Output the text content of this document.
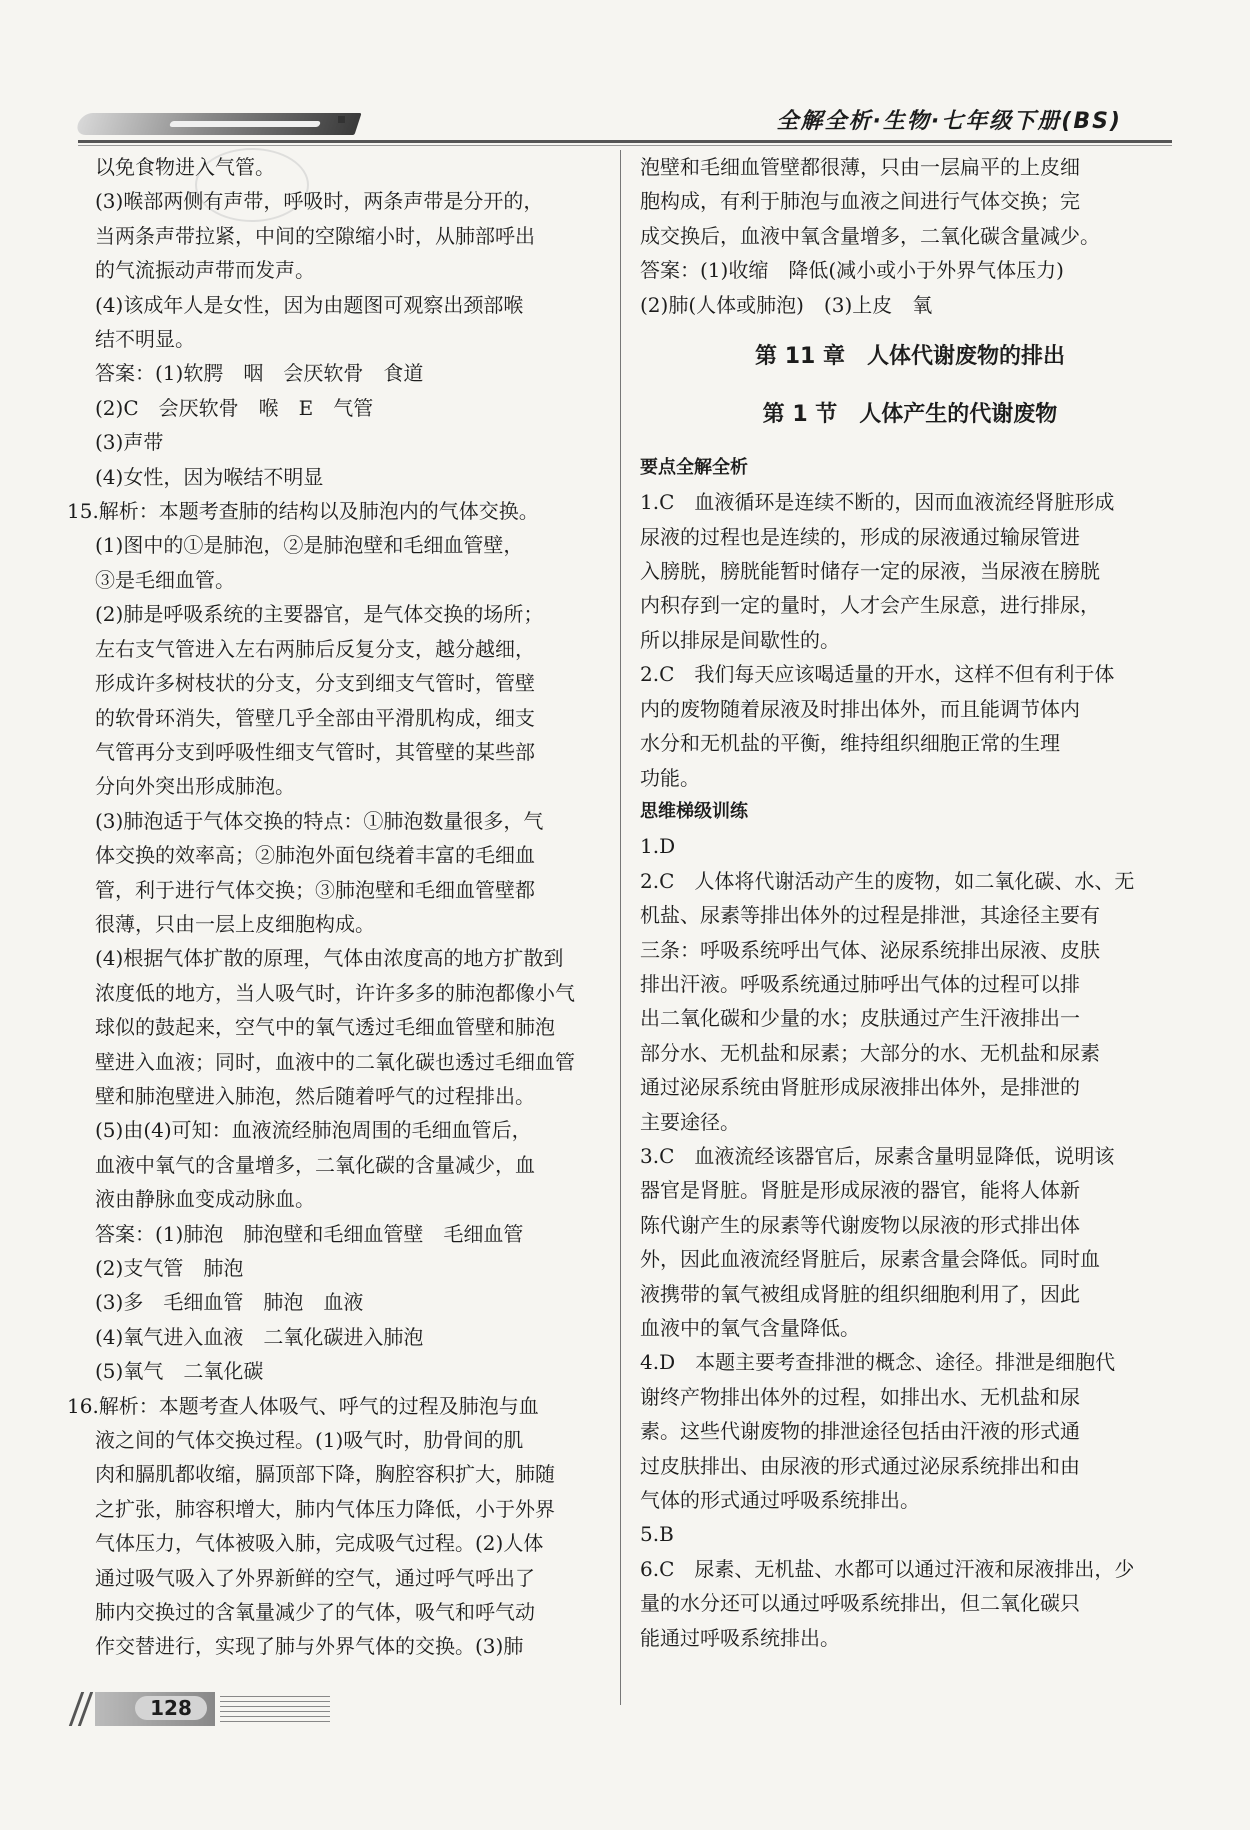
全解全析·生物·七年级下册(BS)
以免食物进入气管。
(3)喉部两侧有声带，呼吸时，两条声带是分开的，
当两条声带拉紧，中间的空隙缩小时，从肺部呼出
的气流振动声带而发声。
(4)该成年人是女性，因为由题图可观察出颈部喉
结不明显。
答案：(1)软腭　咽　会厌软骨　食道
(2)C　会厌软骨　喉　E　气管
(3)声带
(4)女性，因为喉结不明显
15.解析：本题考查肺的结构以及肺泡内的气体交换。
(1)图中的①是肺泡，②是肺泡壁和毛细血管壁，
③是毛细血管。
(2)肺是呼吸系统的主要器官，是气体交换的场所；
左右支气管进入左右两肺后反复分支，越分越细，
形成许多树枝状的分支，分支到细支气管时，管壁
的软骨环消失，管壁几乎全部由平滑肌构成，细支
气管再分支到呼吸性细支气管时，其管壁的某些部
分向外突出形成肺泡。
(3)肺泡适于气体交换的特点：①肺泡数量很多，气
体交换的效率高；②肺泡外面包绕着丰富的毛细血
管，利于进行气体交换；③肺泡壁和毛细血管壁都
很薄，只由一层上皮细胞构成。
(4)根据气体扩散的原理，气体由浓度高的地方扩散到
浓度低的地方，当人吸气时，许许多多的肺泡都像小气
球似的鼓起来，空气中的氧气透过毛细血管壁和肺泡
壁进入血液；同时，血液中的二氧化碳也透过毛细血管
壁和肺泡壁进入肺泡，然后随着呼气的过程排出。
(5)由(4)可知：血液流经肺泡周围的毛细血管后，
血液中氧气的含量增多，二氧化碳的含量减少，血
液由静脉血变成动脉血。
答案：(1)肺泡　肺泡壁和毛细血管壁　毛细血管
(2)支气管　肺泡
(3)多　毛细血管　肺泡　血液
(4)氧气进入血液　二氧化碳进入肺泡
(5)氧气　二氧化碳
16.解析：本题考查人体吸气、呼气的过程及肺泡与血
液之间的气体交换过程。(1)吸气时，肋骨间的肌
肉和膈肌都收缩，膈顶部下降，胸腔容积扩大，肺随
之扩张，肺容积增大，肺内气体压力降低，小于外界
气体压力，气体被吸入肺，完成吸气过程。(2)人体
通过吸气吸入了外界新鲜的空气，通过呼气呼出了
肺内交换过的含氧量减少了的气体，吸气和呼气动
作交替进行，实现了肺与外界气体的交换。(3)肺
泡壁和毛细血管壁都很薄，只由一层扁平的上皮细
胞构成，有利于肺泡与血液之间进行气体交换；完
成交换后，血液中氧含量增多，二氧化碳含量减少。
答案：(1)收缩　降低(减小或小于外界气体压力)
(2)肺(人体或肺泡)　(3)上皮　氧
第 11 章　人体代谢废物的排出
第 1 节　人体产生的代谢废物
要点全解全析
1.C　血液循环是连续不断的，因而血液流经肾脏形成
尿液的过程也是连续的，形成的尿液通过输尿管进
入膀胱，膀胱能暂时储存一定的尿液，当尿液在膀胱
内积存到一定的量时，人才会产生尿意，进行排尿，
所以排尿是间歇性的。
2.C　我们每天应该喝适量的开水，这样不但有利于体
内的废物随着尿液及时排出体外，而且能调节体内
水分和无机盐的平衡，维持组织细胞正常的生理
功能。
思维梯级训练
1.D
2.C　人体将代谢活动产生的废物，如二氧化碳、水、无
机盐、尿素等排出体外的过程是排泄，其途径主要有
三条：呼吸系统呼出气体、泌尿系统排出尿液、皮肤
排出汗液。呼吸系统通过肺呼出气体的过程可以排
出二氧化碳和少量的水；皮肤通过产生汗液排出一
部分水、无机盐和尿素；大部分的水、无机盐和尿素
通过泌尿系统由肾脏形成尿液排出体外，是排泄的
主要途径。
3.C　血液流经该器官后，尿素含量明显降低，说明该
器官是肾脏。肾脏是形成尿液的器官，能将人体新
陈代谢产生的尿素等代谢废物以尿液的形式排出体
外，因此血液流经肾脏后，尿素含量会降低。同时血
液携带的氧气被组成肾脏的组织细胞利用了，因此
血液中的氧气含量降低。
4.D　本题主要考查排泄的概念、途径。排泄是细胞代
谢终产物排出体外的过程，如排出水、无机盐和尿
素。这些代谢废物的排泄途径包括由汗液的形式通
过皮肤排出、由尿液的形式通过泌尿系统排出和由
气体的形式通过呼吸系统排出。
5.B
6.C　尿素、无机盐、水都可以通过汗液和尿液排出，少
量的水分还可以通过呼吸系统排出，但二氧化碳只
能通过呼吸系统排出。
128
